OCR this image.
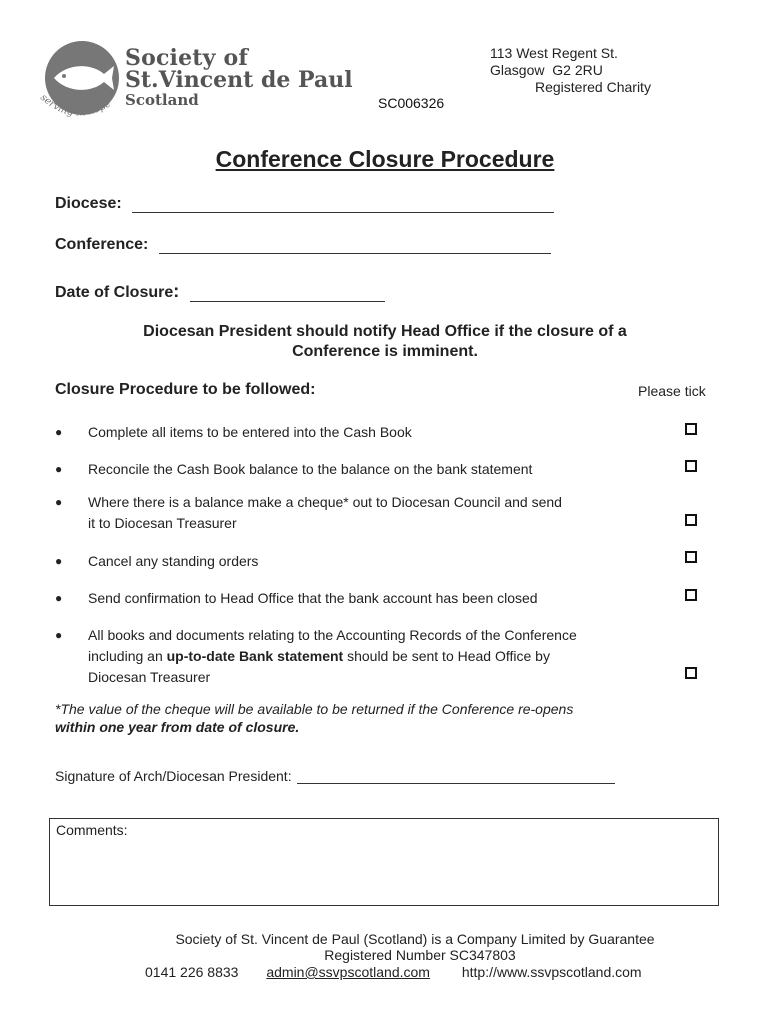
Society of
St.Vincent de Paul
Scotland
serving in hope
113 West Regent St.
Glasgow  G2 2RU
Registered Charity
SC006326
Conference Closure Procedure
Diocese:
Conference:
Date of Closure:
Diocesan President should notify Head Office if the closure of a
Conference is imminent.
Closure Procedure to be followed:	Please tick
● Complete all items to be entered into the Cash Book
● Reconcile the Cash Book balance to the balance on the bank statement
● Where there is a balance make a cheque* out to Diocesan Council and send
it to Diocesan Treasurer
● Cancel any standing orders
● Send confirmation to Head Office that the bank account has been closed
● All books and documents relating to the Accounting Records of the Conference
including an up-to-date Bank statement should be sent to Head Office by
Diocesan Treasurer
*The value of the cheque will be available to be returned if the Conference re-opens
within one year from date of closure.
Signature of Arch/Diocesan President:
Comments:
Society of St. Vincent de Paul (Scotland) is a Company Limited by Guarantee
Registered Number SC347803
0141 226 8833 admin@ssvpscotland.com http://www.ssvpscotland.com
